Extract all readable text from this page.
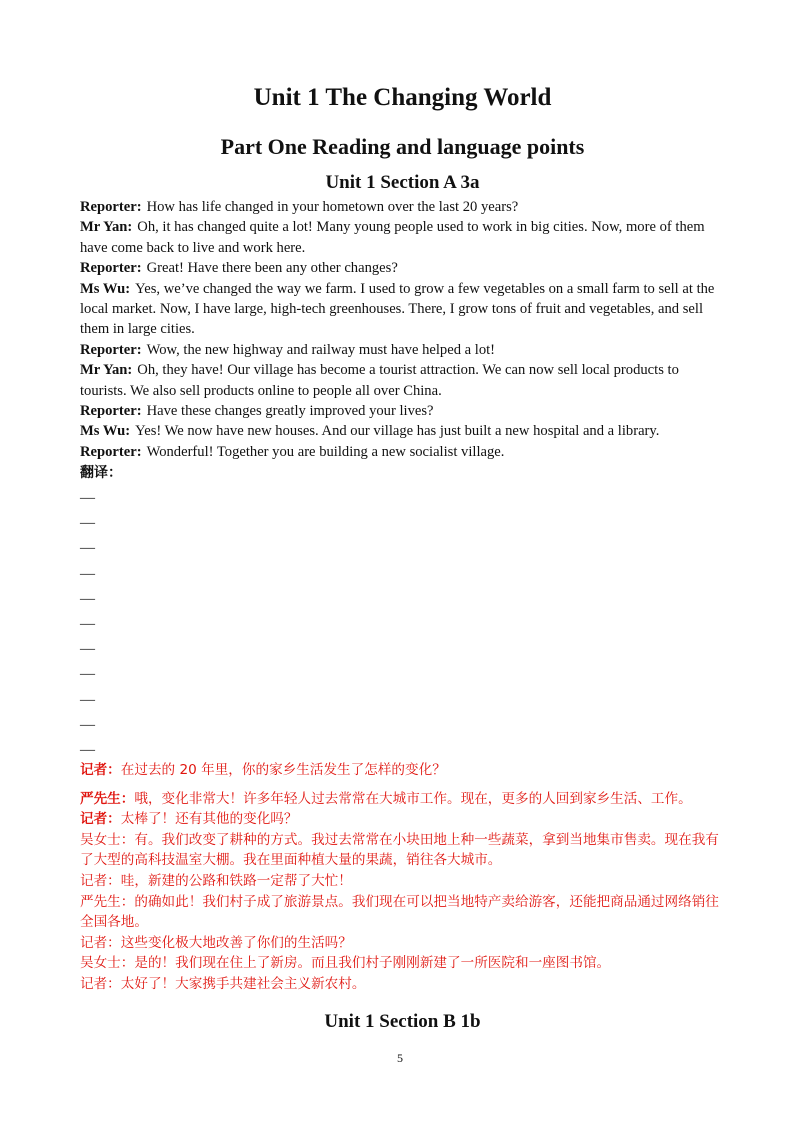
Unit 1 The Changing World
Part One Reading and language points
Unit 1 Section A 3a

Reporter: How has life changed in your hometown over the last 20 years?

Mr Yan: Oh, it has changed quite a lot! Many young people used to work in big cities. Now, more of them have come back to live and work here.

Reporter: Great! Have there been any other changes?

Ms Wu: Yes, we’ve changed the way we farm. I used to grow a few vegetables on a small farm to sell at the local market. Now, I have large, high-tech greenhouses. There, I grow tons of fruit and vegetables, and sell them in large cities.

Reporter: Wow, the new highway and railway must have helped a lot!

Mr Yan: Oh, they have! Our village has become a tourist attraction. We can now sell local products to tourists. We also sell products online to people all over China.

Reporter: Have these changes greatly improved your lives?

Ms Wu: Yes! We now have new houses. And our village has just built a new hospital and a library.

Reporter: Wonderful! Together you are building a new socialist village.

翻译：
—
—
—
—
—
—
—
—
—
—
—

记者：在过去的 20 年里，你的家乡生活发生了怎样的变化？

严先生：哦，变化非常大！许多年轻人过去常常在大城市工作。现在，更多的人回到家乡生活、工作。

记者：太棒了！还有其他的变化吗？

吴女士：有。我们改变了耕种的方式。我过去常常在小块田地上种一些蔬菜，拿到当地集市售卖。现在我有了大型的高科技温室大棚。我在里面种植大量的果蔬，销往各大城市。

记者：哇，新建的公路和铁路一定帮了大忙！

严先生：的确如此！我们村子成了旅游景点。我们现在可以把当地特产卖给游客，还能把商品通过网络销往全国各地。

记者：这些变化极大地改善了你们的生活吗？

吴女士：是的！我们现在住上了新房。而且我们村子刚刚新建了一所医院和一座图书馆。

记者：太好了！大家携手共建社会主义新农村。

Unit 1 Section B 1b
5
